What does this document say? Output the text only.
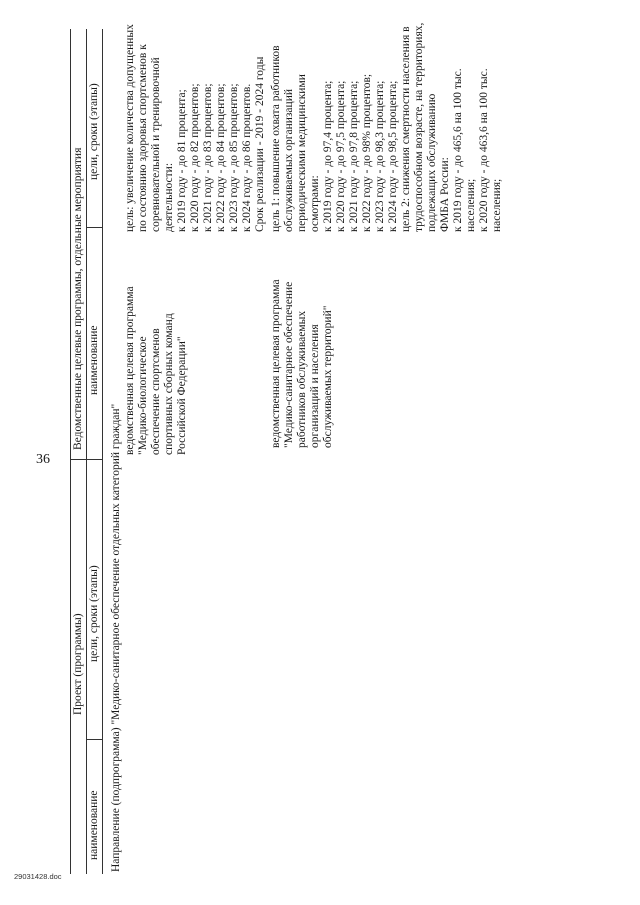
36
29031428.doc
Проект (программы)
Ведомственные целевые программы, отдельные мероприятия
наименование
цели, сроки (этапы)
наименование
цели, сроки (этапы)
Направление (подпрограмма) "Медико-санитарное обеспечение отдельных категорий граждан"
ведомственная целевая программа "Медико-биологическое обеспечение спортсменов спортивных сборных команд Российской Федерации"
цель: увеличение количества допущенных по состоянию здоровья спортсменов к соревновательной и тренировочной деятельности: к 2019 году - до 81 процента; к 2020 году - до 82 процентов; к 2021 году - до 83 процентов; к 2022 году - до 84 процентов; к 2023 году - до 85 процентов; к 2024 году - до 86 процентов. Срок реализации - 2019 - 2024 годы
ведомственная целевая программа "Медико-санитарное обеспечение работников обслуживаемых организаций и населения обслуживаемых территорий"
цель 1: повышение охвата работников обслуживаемых организаций периодическими медицинскими осмотрами: к 2019 году - до 97,4 процента; к 2020 году - до 97,5 процента; к 2021 году - до 97,8 процента; к 2022 году - до 98% процентов; к 2023 году - до 98,3 процента; к 2024 году - до 98,5 процента; цель 2: снижения смертности населения в трудоспособном возрасте, на территориях, подлежащих обслуживанию ФМБА России: к 2019 году - до 465,6 на 100 тыс. населения; к 2020 году - до 463,6 на 100 тыс. населения;
